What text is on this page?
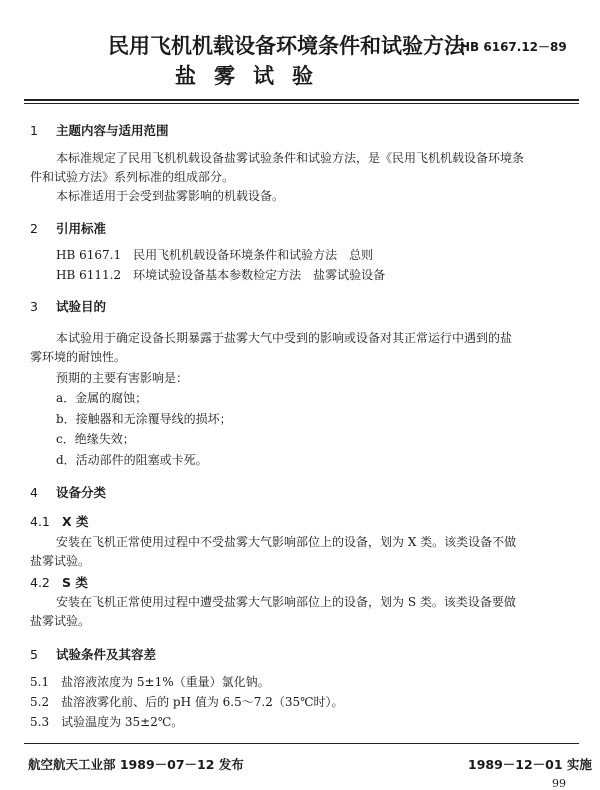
民用飞机机载设备环境条件和试验方法
盐雾试验
HB 6167.12－89
1 主题内容与适用范围
本标准规定了民用飞机机载设备盐雾试验条件和试验方法，是《民用飞机机载设备环境条
件和试验方法》系列标准的组成部分。
本标准适用于会受到盐雾影响的机载设备。
2 引用标准
HB 6167.1　民用飞机机载设备环境条件和试验方法　总则
HB 6111.2　环境试验设备基本参数检定方法　盐雾试验设备
3 试验目的
本试验用于确定设备长期暴露于盐雾大气中受到的影响或设备对其正常运行中遇到的盐
雾环境的耐蚀性。
预期的主要有害影响是：
a．金属的腐蚀；
b．接触器和无涂覆导线的损坏；
c．绝缘失效；
d．活动部件的阻塞或卡死。
4 设备分类
4.1 X 类
安装在飞机正常使用过程中不受盐雾大气影响部位上的设备，划为 X 类。该类设备不做
盐雾试验。
4.2 S 类
安装在飞机正常使用过程中遭受盐雾大气影响部位上的设备，划为 S 类。该类设备要做
盐雾试验。
5 试验条件及其容差
5.1　盐溶液浓度为 5±1%（重量）氯化钠。
5.2　盐溶液雾化前、后的 pH 值为 6.5～7.2（35℃时）。
5.3　试验温度为 35±2℃。
航空航天工业部 1989－07－12 发布	1989－12－01 实施
99
